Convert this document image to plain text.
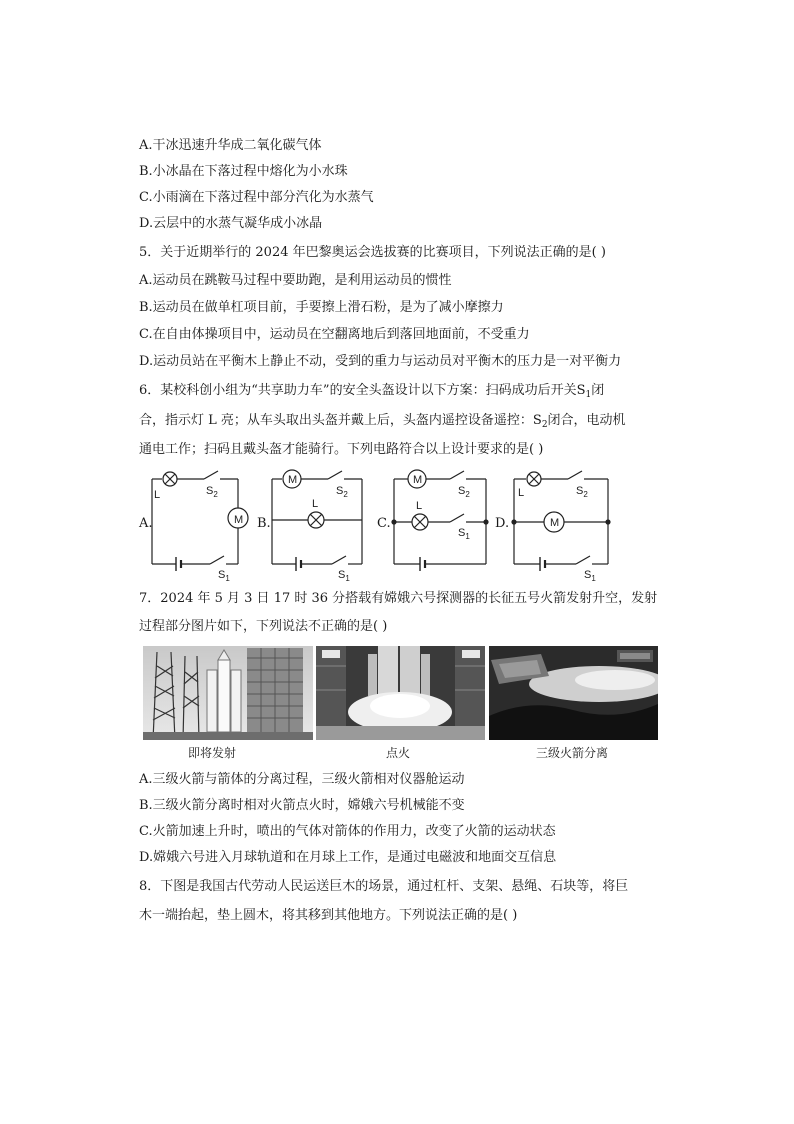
A.干冰迅速升华成二氧化碳气体
B.小冰晶在下落过程中熔化为小水珠
C.小雨滴在下落过程中部分汽化为水蒸气
D.云层中的水蒸气凝华成小冰晶
5．关于近期举行的 2024 年巴黎奥运会选拔赛的比赛项目，下列说法正确的是( )
A.运动员在跳鞍马过程中要助跑，是利用运动员的惯性
B.运动员在做单杠项目前，手要擦上滑石粉，是为了减小摩擦力
C.在自由体操项目中，运动员在空翻离地后到落回地面前，不受重力
D.运动员站在平衡木上静止不动，受到的重力与运动员对平衡木的压力是一对平衡力
6．某校科创小组为“共享助力车”的安全头盔设计以下方案：扫码成功后开关$S_1$闭
合，指示灯 L 亮；从车头取出头盔并戴上后，头盔内遥控设备遥控：$S_2$闭合，电动机
通电工作；扫码且戴头盔才能骑行。下列电路符合以上设计要求的是( )
A.	B.	C.	D.
M
L	$S_2$
$S_1$
M
L
$S_2$
$S_1$
M
L
$S_2$
$S_1$
M
L	$S_2$
$S_1$
7．2024 年 5 月 3 日 17 时 36 分搭载有嫦娥六号探测器的长征五号火箭发射升空，发射
过程部分图片如下，下列说法不正确的是( )
即将发射	点火	三级火箭分离
A.三级火箭与箭体的分离过程，三级火箭相对仪器舱运动
B.三级火箭分离时相对火箭点火时，嫦娥六号机械能不变
C.火箭加速上升时，喷出的气体对箭体的作用力，改变了火箭的运动状态
D.嫦娥六号进入月球轨道和在月球上工作，是通过电磁波和地面交互信息
8．下图是我国古代劳动人民运送巨木的场景，通过杠杆、支架、悬绳、石块等，将巨
木一端抬起，垫上圆木，将其移到其他地方。下列说法正确的是( )
